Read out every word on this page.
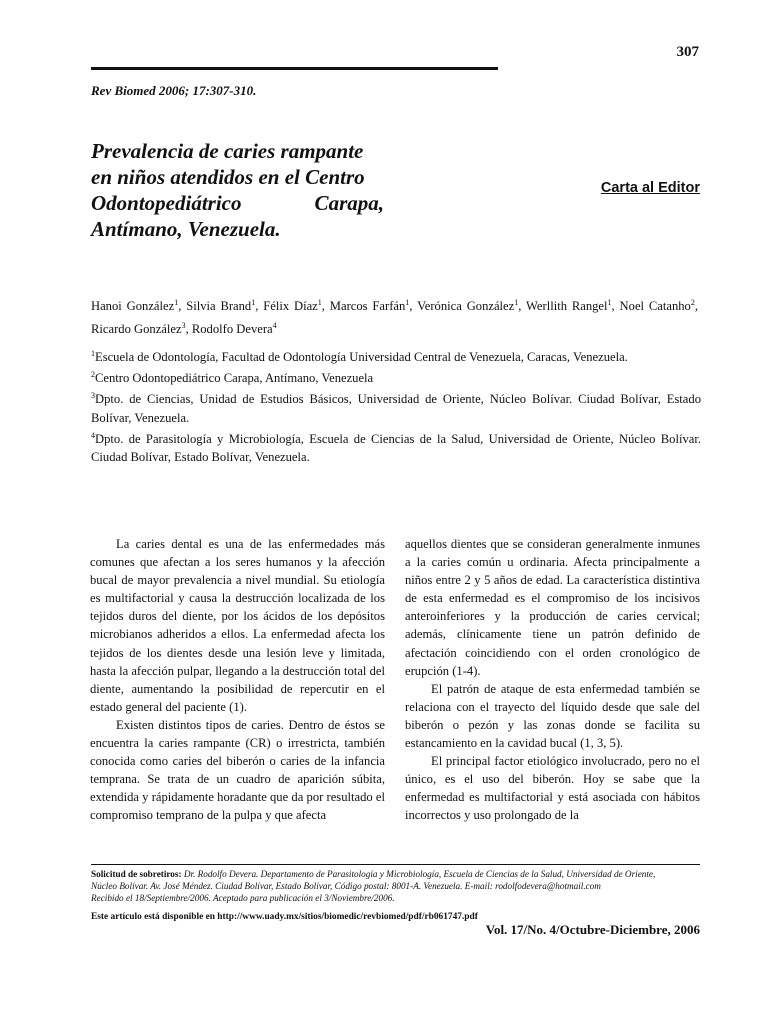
307
Rev Biomed 2006; 17:307-310.
Prevalencia de caries rampante
en niños atendidos en el Centro
Odontopediátrico Carapa,
Antímano, Venezuela.
Carta al Editor
Hanoi González$^1$, Silvia Brand$^1$, Félix Díaz$^1$, Marcos Farfán$^1$, Verónica González$^1$, Werllith Rangel$^1$, Noel Catanho$^2$, Ricardo González$^3$, Rodolfo Devera$^4$
$^1$Escuela de Odontología, Facultad de Odontología Universidad Central de Venezuela, Caracas, Venezuela.
$^2$Centro Odontopediátrico Carapa, Antímano, Venezuela
$^3$Dpto. de Ciencias, Unidad de Estudios Básicos, Universidad de Oriente, Núcleo Bolívar. Ciudad Bolívar, Estado Bolívar, Venezuela.
$^4$Dpto. de Parasitología y Microbiología, Escuela de Ciencias de la Salud, Universidad de Oriente, Núcleo Bolívar. Ciudad Bolívar, Estado Bolívar, Venezuela.

La caries dental es una de las enfermedades más comunes que afectan a los seres humanos y la afección bucal de mayor prevalencia a nivel mundial. Su etiología es multifactorial y causa la destrucción localizada de los tejidos duros del diente, por los ácidos de los depósitos microbianos adheridos a ellos. La enfermedad afecta los tejidos de los dientes desde una lesión leve y limitada, hasta la afección pulpar, llegando a la destrucción total del diente, aumentando la posibilidad de repercutir en el estado general del paciente (1).

Existen distintos tipos de caries. Dentro de éstos se encuentra la caries rampante (CR) o irrestricta, también conocida como caries del biberón o caries de la infancia temprana. Se trata de un cuadro de aparición súbita, extendida y rápidamente horadante que da por resultado el compromiso temprano de la pulpa y que afecta

aquellos dientes que se consideran generalmente inmunes a la caries común u ordinaria. Afecta principalmente a niños entre 2 y 5 años de edad. La característica distintiva de esta enfermedad es el compromiso de los incisivos anteroinferiores y la producción de caries cervical; además, clínicamente tiene un patrón definido de afectación coincidiendo con el orden cronológico de erupción (1-4).

El patrón de ataque de esta enfermedad también se relaciona con el trayecto del líquido desde que sale del biberón o pezón y las zonas donde se facilita su estancamiento en la cavidad bucal (1, 3, 5).

El principal factor etiológico involucrado, pero no el único, es el uso del biberón. Hoy se sabe que la enfermedad es multifactorial y está asociada con hábitos incorrectos y uso prolongado de la

Solicitud de sobretiros: Dr. Rodolfo Devera. Departamento de Parasitología y Microbiología, Escuela de Ciencias de la Salud, Universidad de Oriente,
Núcleo Bolívar. Av. José Méndez. Ciudad Bolívar, Estado Bolívar, Código postal: 8001-A. Venezuela. E-mail: rodolfodevera@hotmail.com
Recibido el 18/Septiembre/2006. Aceptado para publicación el 3/Noviembre/2006.
Este artículo está disponible en http://www.uady.mx/sitios/biomedic/revbiomed/pdf/rb061747.pdf
Vol. 17/No. 4/Octubre-Diciembre, 2006
